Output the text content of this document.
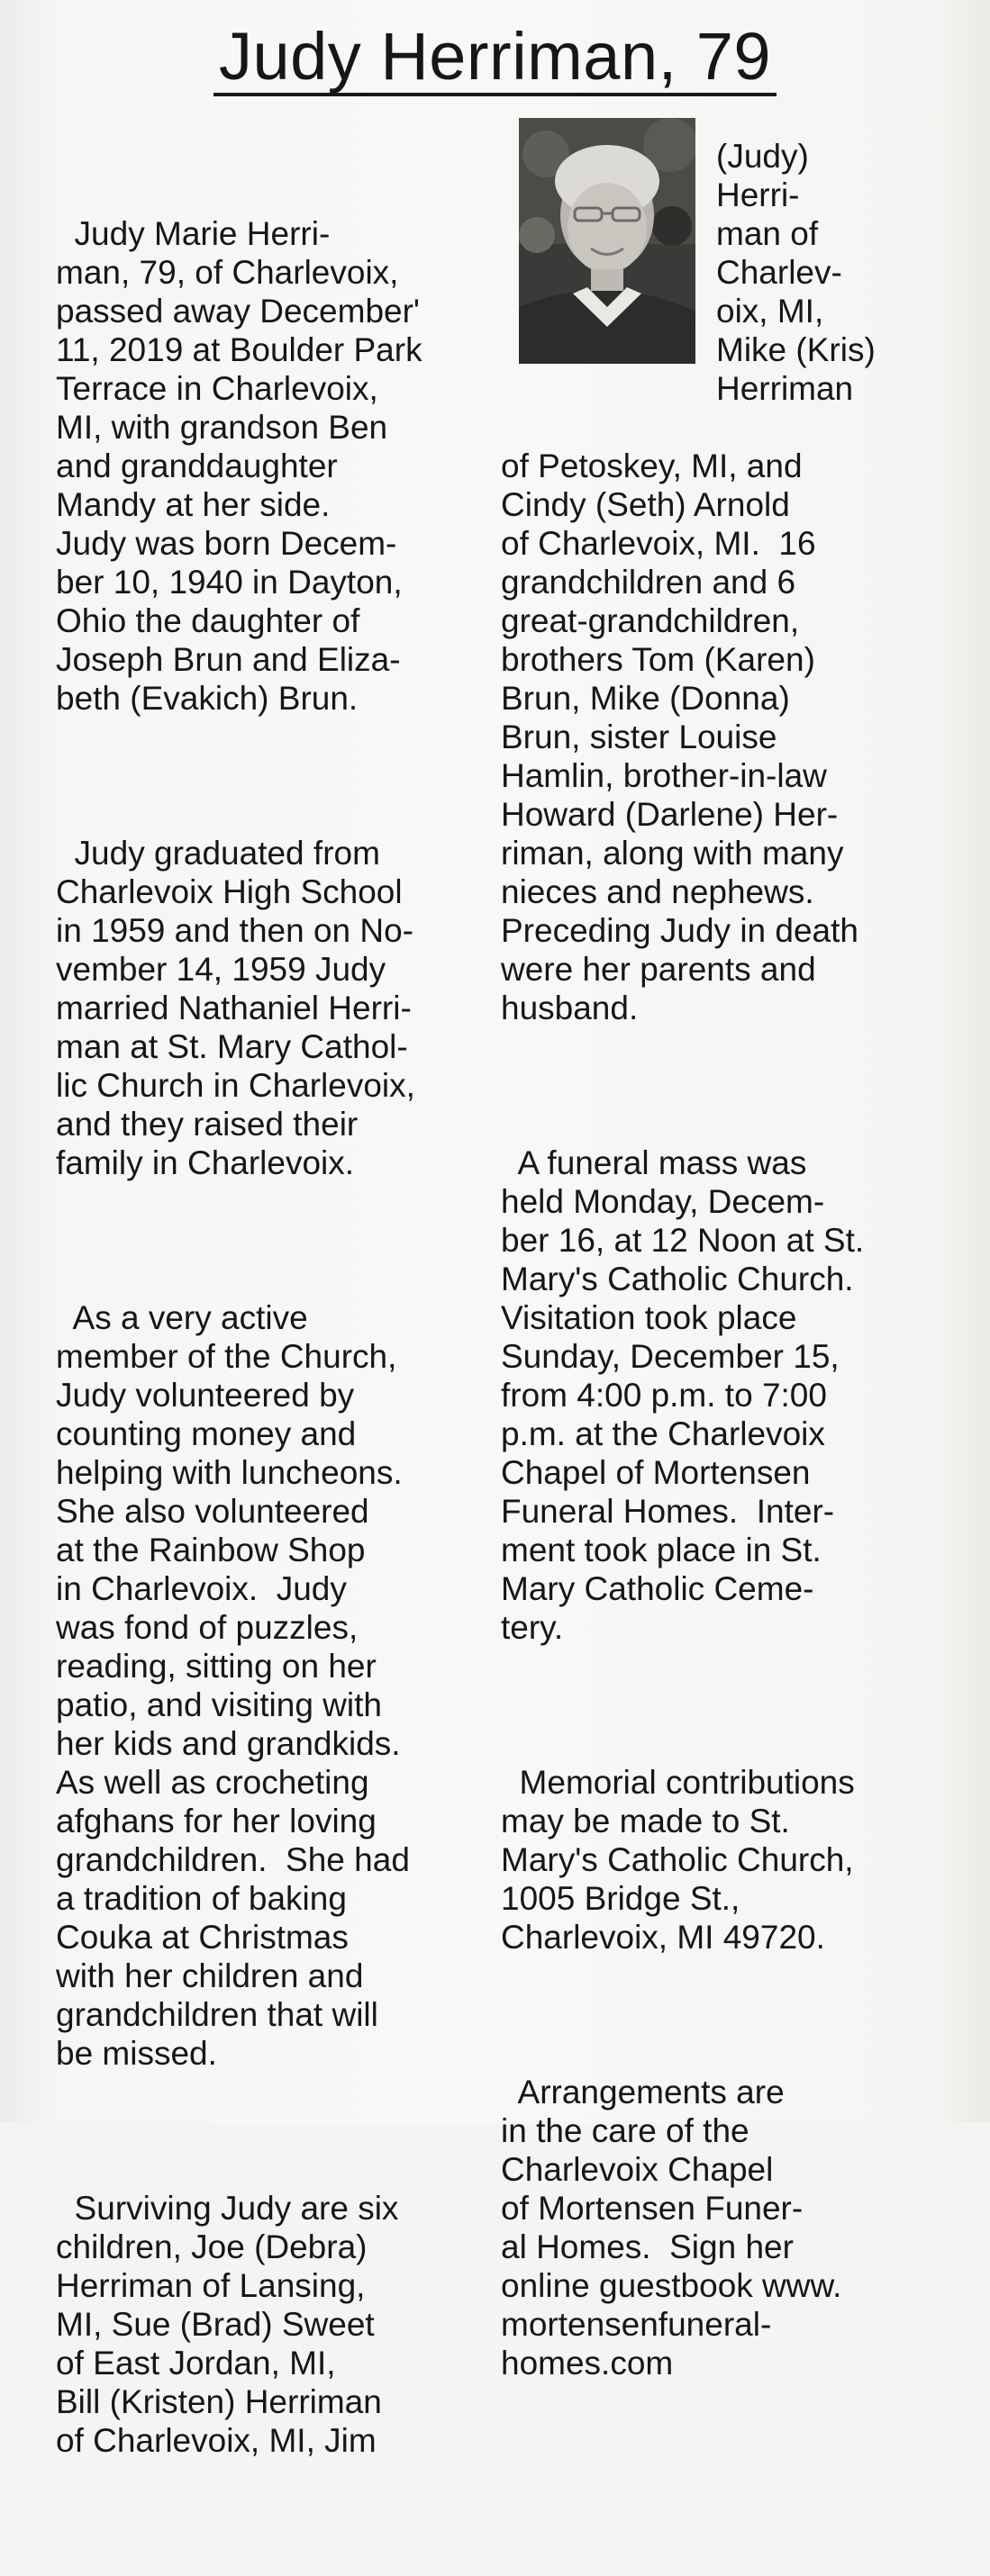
Judy Herriman, 79

Judy Marie Herri-
man, 79, of Charlevoix,
passed away December'
11, 2019 at Boulder Park
Terrace in Charlevoix,
MI, with grandson Ben
and granddaughter
Mandy at her side.
Judy was born Decem-
ber 10, 1940 in Dayton,
Ohio the daughter of
Joseph Brun and Eliza-
beth (Evakich) Brun.

Judy graduated from
Charlevoix High School
in 1959 and then on No-
vember 14, 1959 Judy
married Nathaniel Herri-
man at St. Mary Cathol-
lic Church in Charlevoix,
and they raised their
family in Charlevoix.

As a very active
member of the Church,
Judy volunteered by
counting money and
helping with luncheons.
She also volunteered
at the Rainbow Shop
in Charlevoix.  Judy
was fond of puzzles,
reading, sitting on her
patio, and visiting with
her kids and grandkids.
As well as crocheting
afghans for her loving
grandchildren.  She had
a tradition of baking
Couka at Christmas
with her children and
grandchildren that will
be missed.

Surviving Judy are six
children, Joe (Debra)
Herriman of Lansing,
MI, Sue (Brad) Sweet
of East Jordan, MI,
Bill (Kristen) Herriman
of Charlevoix, MI, Jim

(Judy)
Herri-
man of
Charlev-
oix, MI,
Mike (Kris)
Herriman

of Petoskey, MI, and
Cindy (Seth) Arnold
of Charlevoix, MI.  16
grandchildren and 6
great-grandchildren,
brothers Tom (Karen)
Brun, Mike (Donna)
Brun, sister Louise
Hamlin, brother-in-law
Howard (Darlene) Her-
riman, along with many
nieces and nephews.
Preceding Judy in death
were her parents and
husband.

A funeral mass was
held Monday, Decem-
ber 16, at 12 Noon at St.
Mary's Catholic Church.
Visitation took place
Sunday, December 15,
from 4:00 p.m. to 7:00
p.m. at the Charlevoix
Chapel of Mortensen
Funeral Homes.  Inter-
ment took place in St.
Mary Catholic Ceme-
tery.

Memorial contributions
may be made to St.
Mary's Catholic Church,
1005 Bridge St.,
Charlevoix, MI 49720.

Arrangements are
in the care of the
Charlevoix Chapel
of Mortensen Funer-
al Homes.  Sign her
online guestbook www.
mortensenfuneral-
homes.com
